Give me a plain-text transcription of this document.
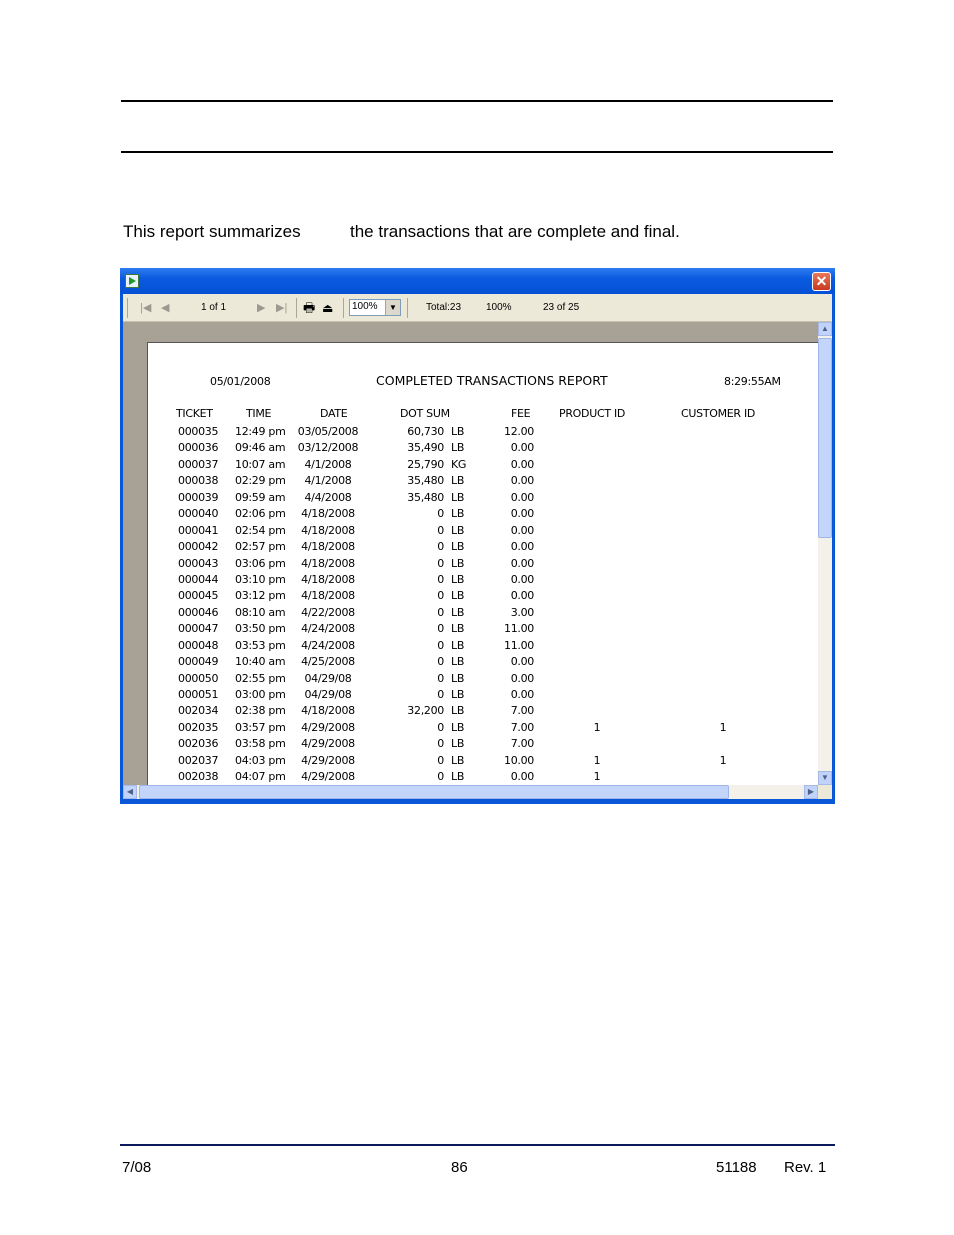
This report summarizes	the transactions that are complete and final.
✕
|◀ ◀	1 of 1	▶ ▶| 🖶 ⏏	100%	▼	Total:23 100%	23 of 25
05/01/2008	COMPLETED TRANSACTIONS REPORT	8:29:55AM
TICKET	TIME	DATE	DOT SUM	FEE	PRODUCT ID	CUSTOMER ID
000035 12:49 pm	03/05/2008	60,730 LB	12.00
000036 09:46 am	03/12/2008	35,490 LB	0.00
000037 10:07 am	4/1/2008	25,790 KG	0.00
000038 02:29 pm	4/1/2008	35,480 LB	0.00
000039 09:59 am	4/4/2008	35,480 LB	0.00
000040 02:06 pm	4/18/2008	0 LB	0.00
000041 02:54 pm	4/18/2008	0 LB	0.00
000042 02:57 pm	4/18/2008	0 LB	0.00
000043 03:06 pm	4/18/2008	0 LB	0.00
000044 03:10 pm	4/18/2008	0 LB	0.00
000045 03:12 pm	4/18/2008	0 LB	0.00
000046 08:10 am	4/22/2008	0 LB	3.00
000047 03:50 pm	4/24/2008	0 LB	11.00
000048 03:53 pm	4/24/2008	0 LB	11.00
000049 10:40 am	4/25/2008	0 LB	0.00
000050 02:55 pm	04/29/08	0 LB	0.00
000051 03:00 pm	04/29/08	0 LB	0.00
002034 02:38 pm	4/18/2008	32,200 LB	7.00
002035 03:57 pm	4/29/2008	0 LB	7.00	1	1
002036 03:58 pm	4/29/2008	0 LB	7.00
002037 04:03 pm	4/29/2008	0 LB	10.00	1	1
002038 04:07 pm	4/29/2008	0 LB	0.00	1
▲
▼
◀	▶
7/08	86	51188 Rev. 1
